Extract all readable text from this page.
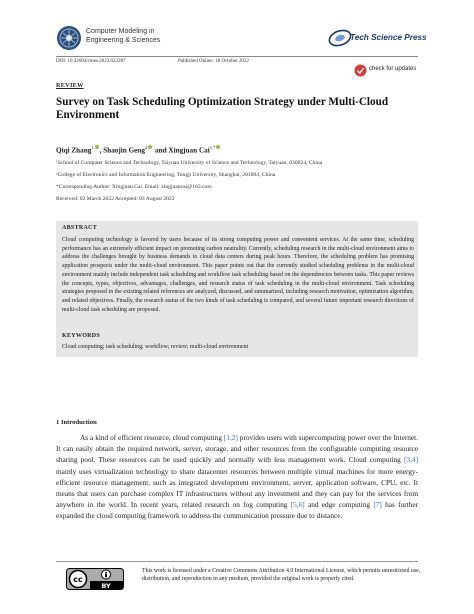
Computer Modeling in
Engineering & Sciences	Tech Science Press
DOI: 10.32604/cmes.2023.022287	Published Online: 18 October 2022
check for updates
REVIEW
Survey on Task Scheduling Optimization Strategy under Multi-Cloud Environment
Qiqi Zhang$^1$ , Shaojin Geng$^2$ and Xingjuan Cai$^{1,*}$
¹School of Computer Science and Technology, Taiyuan University of Science and Technology, Taiyuan, 030024, China
²College of Electronics and Information Engineering, Tongji University, Shanghai, 201804, China
*Corresponding Author: Xingjuan Cai. Email: xingjuancai@163.com
Received: 02 March 2022 Accepted: 03 August 2022
ABSTRACT
Cloud computing technology is favored by users because of its strong computing power and convenient services. At the same time, scheduling performance has an extremely efficient impact on promoting carbon neutrality. Currently, scheduling research in the multi-cloud environment aims to address the challenges brought by business demands to cloud data centers during peak hours. Therefore, the scheduling problem has promising application prospects under the multi-cloud environment. This paper points out that the currently studied scheduling problems in the multi-cloud environment mainly include independent task scheduling and workflow task scheduling based on the dependencies between tasks. This paper reviews the concepts, types, objectives, advantages, challenges, and research status of task scheduling in the multi-cloud environment. Task scheduling strategies proposed in the existing related references are analyzed, discussed, and summarized, including research motivation, optimization algorithm, and related objectives. Finally, the research status of the two kinds of task scheduling is compared, and several future important research directions of multi-cloud task scheduling are proposed.
KEYWORDS
Cloud computing; task scheduling; workflow; review; multi-cloud environment
1 Introduction
As a kind of efficient resource, cloud computing [1,2] provides users with supercomputing power over the Internet. It can easily obtain the required network, server, storage, and other resources from the configurable computing resource sharing pool. These resources can be used quickly and normally with less management work. Cloud computing [3,4] mainly uses virtualization technology to share datacenter resources between multiple virtual machines for more energy-efficient resource management, such as integrated development environment, server, application software, CPU, etc. It means that users can purchase complex IT infrastructures without any investment and they can pay for the services from anywhere in the world. In recent years, related research on fog computing [5,6] and edge computing [7] has further expanded the cloud computing framework to address the communication pressure due to distance.
cc
BY
This work is licensed under a Creative Commons Attribution 4.0 International License, which permits unrestricted use, distribution, and reproduction in any medium, provided the original work is properly cited.
